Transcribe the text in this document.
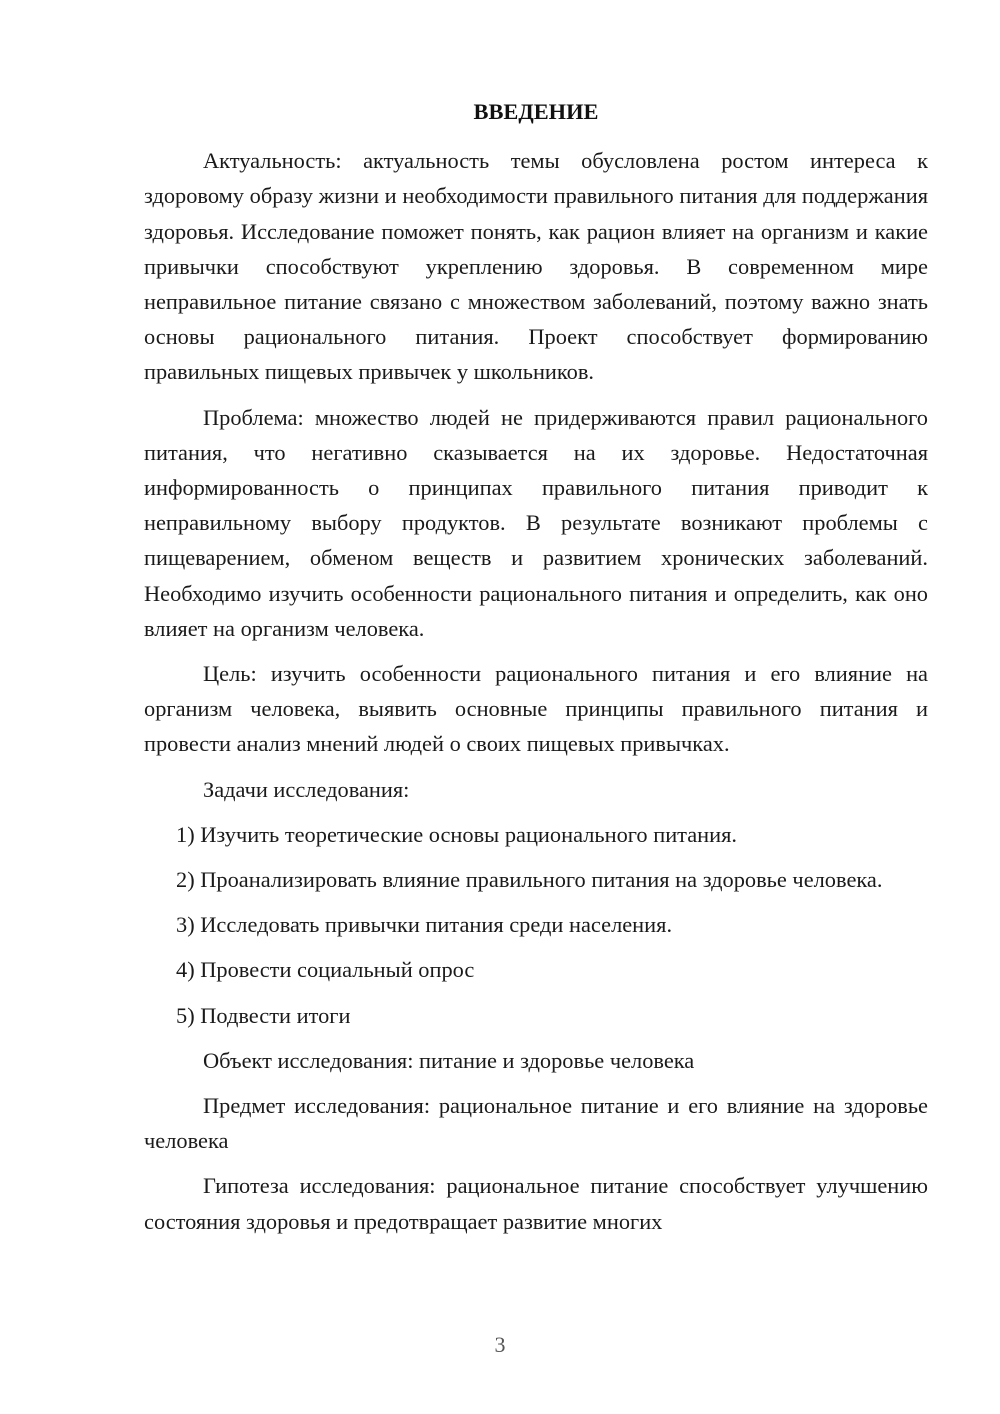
ВВЕДЕНИЕ

Актуальность: актуальность темы обусловлена ростом интереса к здоровому образу жизни и необходимости правильного питания для поддержания здоровья. Исследование поможет понять, как рацион влияет на организм и какие привычки способствуют укреплению здоровья. В современном мире неправильное питание связано с множеством заболеваний, поэтому важно знать основы рационального питания. Проект способствует формированию правильных пищевых привычек у школьников.

Проблема: множество людей не придерживаются правил рационального питания, что негативно сказывается на их здоровье. Недостаточная информированность о принципах правильного питания приводит к неправильному выбору продуктов. В результате возникают проблемы с пищеварением, обменом веществ и развитием хронических заболеваний. Необходимо изучить особенности рационального питания и определить, как оно влияет на организм человека.

Цель: изучить особенности рационального питания и его влияние на организм человека, выявить основные принципы правильного питания и провести анализ мнений людей о своих пищевых привычках.

Задачи исследования:

1) Изучить теоретические основы рационального питания.

2) Проанализировать влияние правильного питания на здоровье человека.

3) Исследовать привычки питания среди населения.

4) Провести социальный опрос

5) Подвести итоги

Объект исследования: питание и здоровье человека

Предмет исследования: рациональное питание и его влияние на здоровье человека

Гипотеза исследования: рациональное питание способствует улучшению состояния здоровья и предотвращает развитие многих

3
